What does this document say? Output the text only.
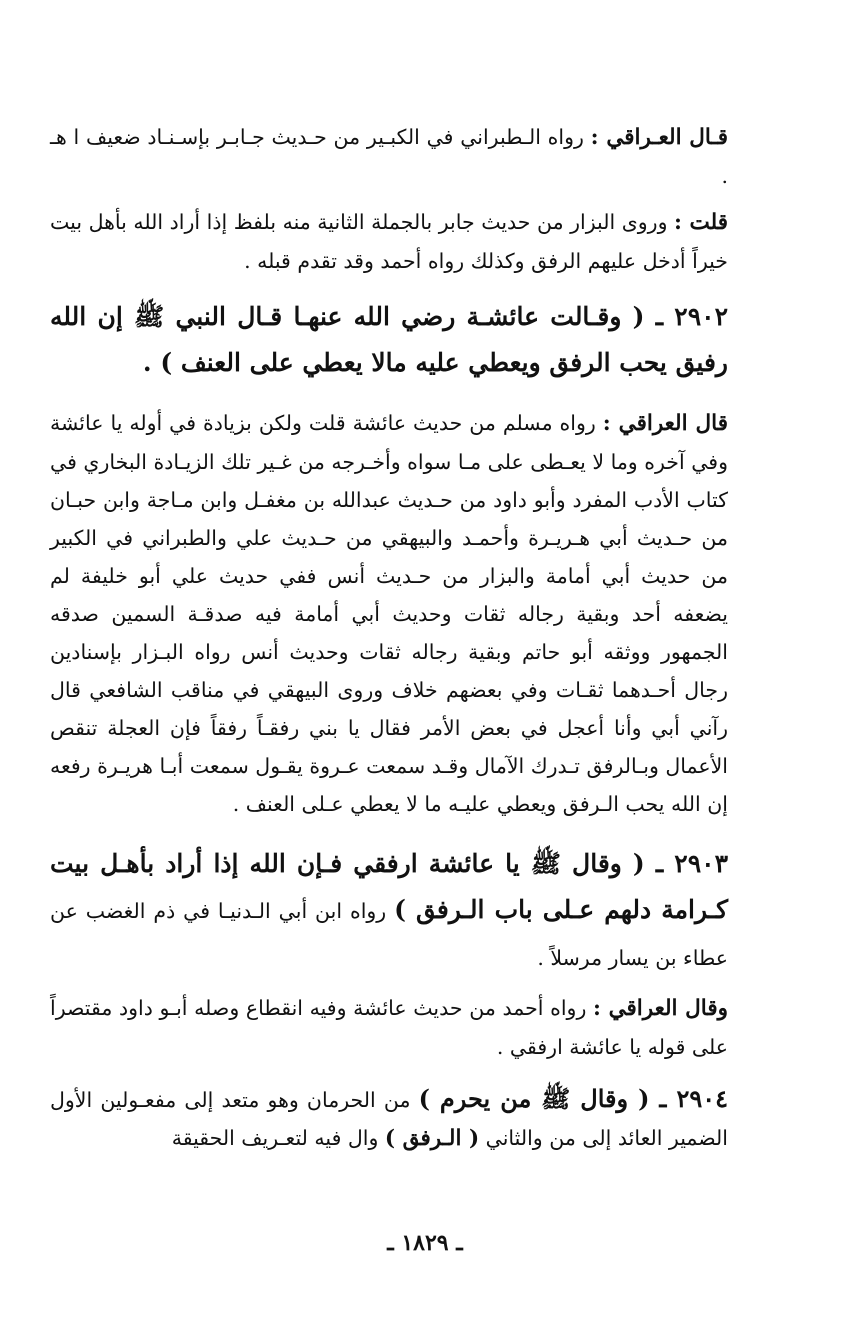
قـال العـراقي : رواه الـطبراني في الكبـير من حـديث جـابـر بإسـنـاد ضعيف ا هـ .

قلت : وروى البزار من حديث جابر بالجملة الثانية منه بلفظ إذا أراد الله بأهل بيت خيراً أدخل عليهم الرفق وكذلك رواه أحمد وقد تقدم قبله .

٢٩٠٢ ـ ( وقـالت عائشـة رضي الله عنهـا قـال النبي ﷺ إن الله رفيق يحب الرفق ويعطي عليه مالا يعطي على العنف ) .

قال العراقي : رواه مسلم من حديث عائشة قلت ولكن بزيادة في أوله يا عائشة وفي آخره وما لا يعـطى على مـا سواه وأخـرجه من غـير تلك الزيـادة البخاري في كتاب الأدب المفرد وأبو داود من حـديث عبدالله بن مغفـل وابن مـاجة وابن حبـان من حـديث أبي هـريـرة وأحمـد والبيهقي من حـديث علي والطبراني في الكبير من حديث أبي أمامة والبزار من حـديث أنس ففي حديث علي أبو خليفة لم يضعفه أحد وبقية رجاله ثقات وحديث أبي أمامة فيه صدقـة السمين صدقه الجمهور ووثقه أبو حاتم وبقية رجاله ثقات وحديث أنس رواه البـزار بإسنادين رجال أحـدهما ثقـات وفي بعضهم خلاف وروى البيهقي في مناقب الشافعي قال رآني أبي وأنا أعجل في بعض الأمر فقال يا بني رفقـاً رفقاً فإن العجلة تنقص الأعمال وبـالرفق تـدرك الآمال وقـد سمعت عـروة يقـول سمعت أبـا هريـرة رفعه إن الله يحب الـرفق ويعطي عليـه ما لا يعطي عـلى العنف .

٢٩٠٣ ـ ( وقال ﷺ يا عائشة ارفقي فـإن الله إذا أراد بأهـل بيت كـرامة دلهم عـلى باب الـرفق ) رواه ابن أبي الـدنيـا في ذم الغضب عن عطاء بن يسار مرسلاً .

وقال العراقي : رواه أحمد من حديث عائشة وفيه انقطاع وصله أبـو داود مقتصراً على قوله يا عائشة ارفقي .

٢٩٠٤ ـ ( وقال ﷺ من يحرم ) من الحرمان وهو متعد إلى مفعـولين الأول الضمير العائد إلى من والثاني ( الـرفق ) وال فيه لتعـريف الحقيقة

ـ ١٨٢٩ ـ
